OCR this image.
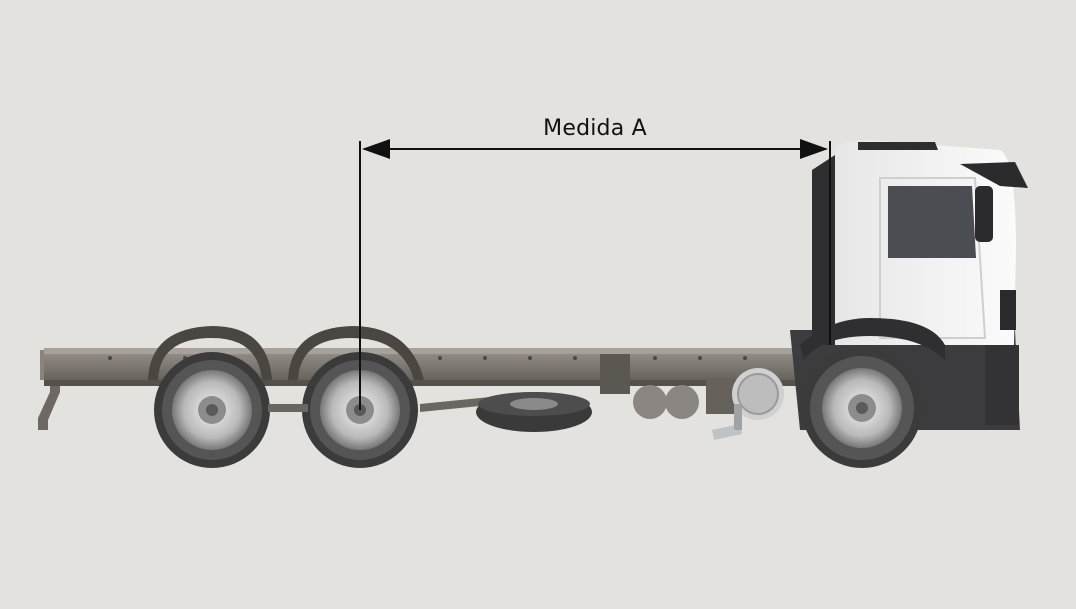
Medida A
